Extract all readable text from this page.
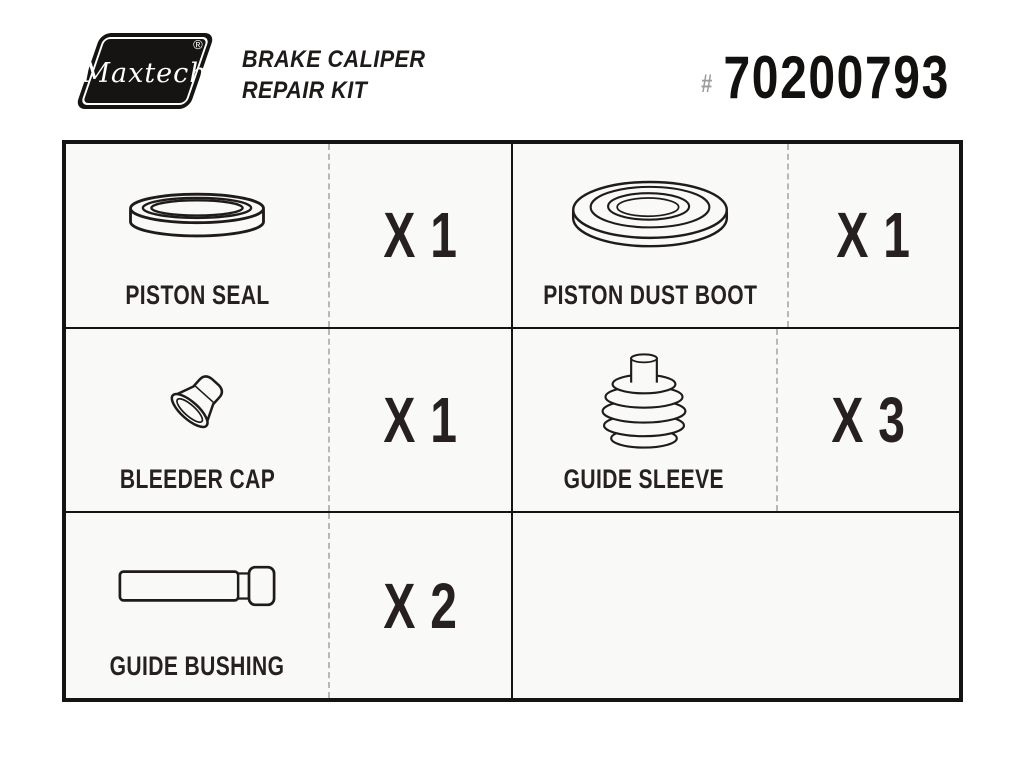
Maxtech
®
BRAKE CALIPER
REPAIR KIT	# 70200793
PISTON SEAL
X 1
PISTON DUST BOOT
X 1
BLEEDER CAP
X 1
GUIDE SLEEVE
X 3
GUIDE BUSHING
X 2
